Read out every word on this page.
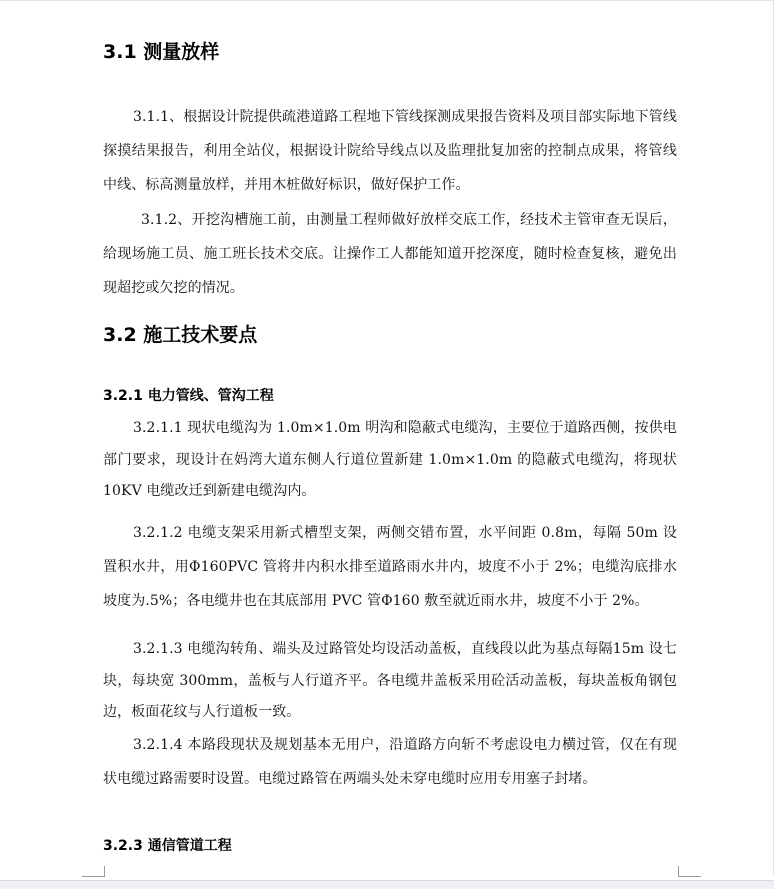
3.1 测量放样

3.1.1、根据设计院提供疏港道路工程地下管线探测成果报告资料及项目部实际地下管线探摸结果报告，利用全站仪，根据设计院给导线点以及监理批复加密的控制点成果，将管线中线、标高测量放样，并用木桩做好标识，做好保护工作。

3.1.2、开挖沟槽施工前，由测量工程师做好放样交底工作，经技术主管审查无误后，给现场施工员、施工班长技术交底。让操作工人都能知道开挖深度，随时检查复核，避免出现超挖或欠挖的情况。

3.2 施工技术要点
3.2.1 电力管线、管沟工程

3.2.1.1 现状电缆沟为 1.0m×1.0m 明沟和隐蔽式电缆沟，主要位于道路西侧，按供电部门要求，现设计在妈湾大道东侧人行道位置新建 1.0m×1.0m 的隐蔽式电缆沟，将现状 10KV 电缆改迁到新建电缆沟内。

3.2.1.2 电缆支架采用新式槽型支架，两侧交错布置，水平间距 0.8m，每隔 50m 设置积水井，用Φ160PVC 管将井内积水排至道路雨水井内，坡度不小于 2%；电缆沟底排水坡度为.5%；各电缆井也在其底部用 PVC 管Φ160 敷至就近雨水井，坡度不小于 2%。

3.2.1.3 电缆沟转角、端头及过路管处均设活动盖板，直线段以此为基点每隔15m 设七块，每块宽 300mm，盖板与人行道齐平。各电缆井盖板采用砼活动盖板，每块盖板角钢包边，板面花纹与人行道板一致。

3.2.1.4 本路段现状及规划基本无用户，沿道路方向斩不考虑设电力横过管，仅在有现状电缆过路需要时设置。电缆过路管在两端头处未穿电缆时应用专用塞子封堵。

3.2.3 通信管道工程
